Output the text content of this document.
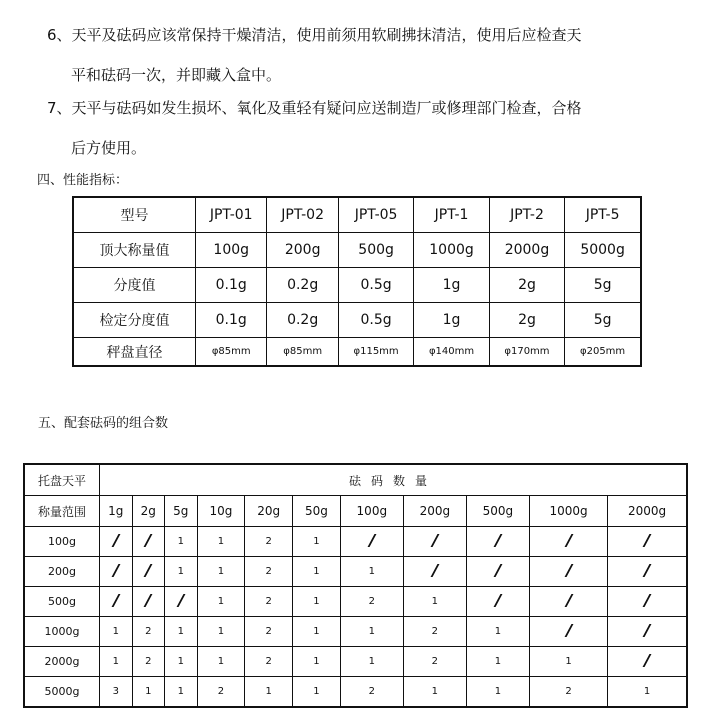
6、天平及砝码应该常保持干燥清洁，使用前须用软刷拂抹清洁，使用后应检查天
平和砝码一次，并即藏入盒中。
7、天平与砝码如发生损坏、氧化及重轻有疑问应送制造厂或修理部门检查，合格
后方使用。
四、性能指标：
型号	JPT-01	JPT-02	JPT-05	JPT-1	JPT-2	JPT-5
顶大称量值	100g	200g	500g	1000g	2000g	5000g
分度值	0.1g	0.2g	0.5g	1g	2g	5g
检定分度值	0.1g	0.2g	0.5g	1g	2g	5g
秤盘直径	φ85mm	φ85mm	φ115mm	φ140mm	φ170mm	φ205mm
五、配套砝码的组合数
托盘天平	砝码数量										
称量范围	1g	2g	5g	10g	20g	50g	100g	200g	500g	1000g	2000g
100g			1	1	2	1					
200g			1	1	2	1	1				
500g				1	2	1	2	1			
1000g	1	2	1	1	2	1	1	2	1		
2000g	1	2	1	1	2	1	1	2	1	1	
5000g	3	1	1	2	1	1	2	1	1	2	1
